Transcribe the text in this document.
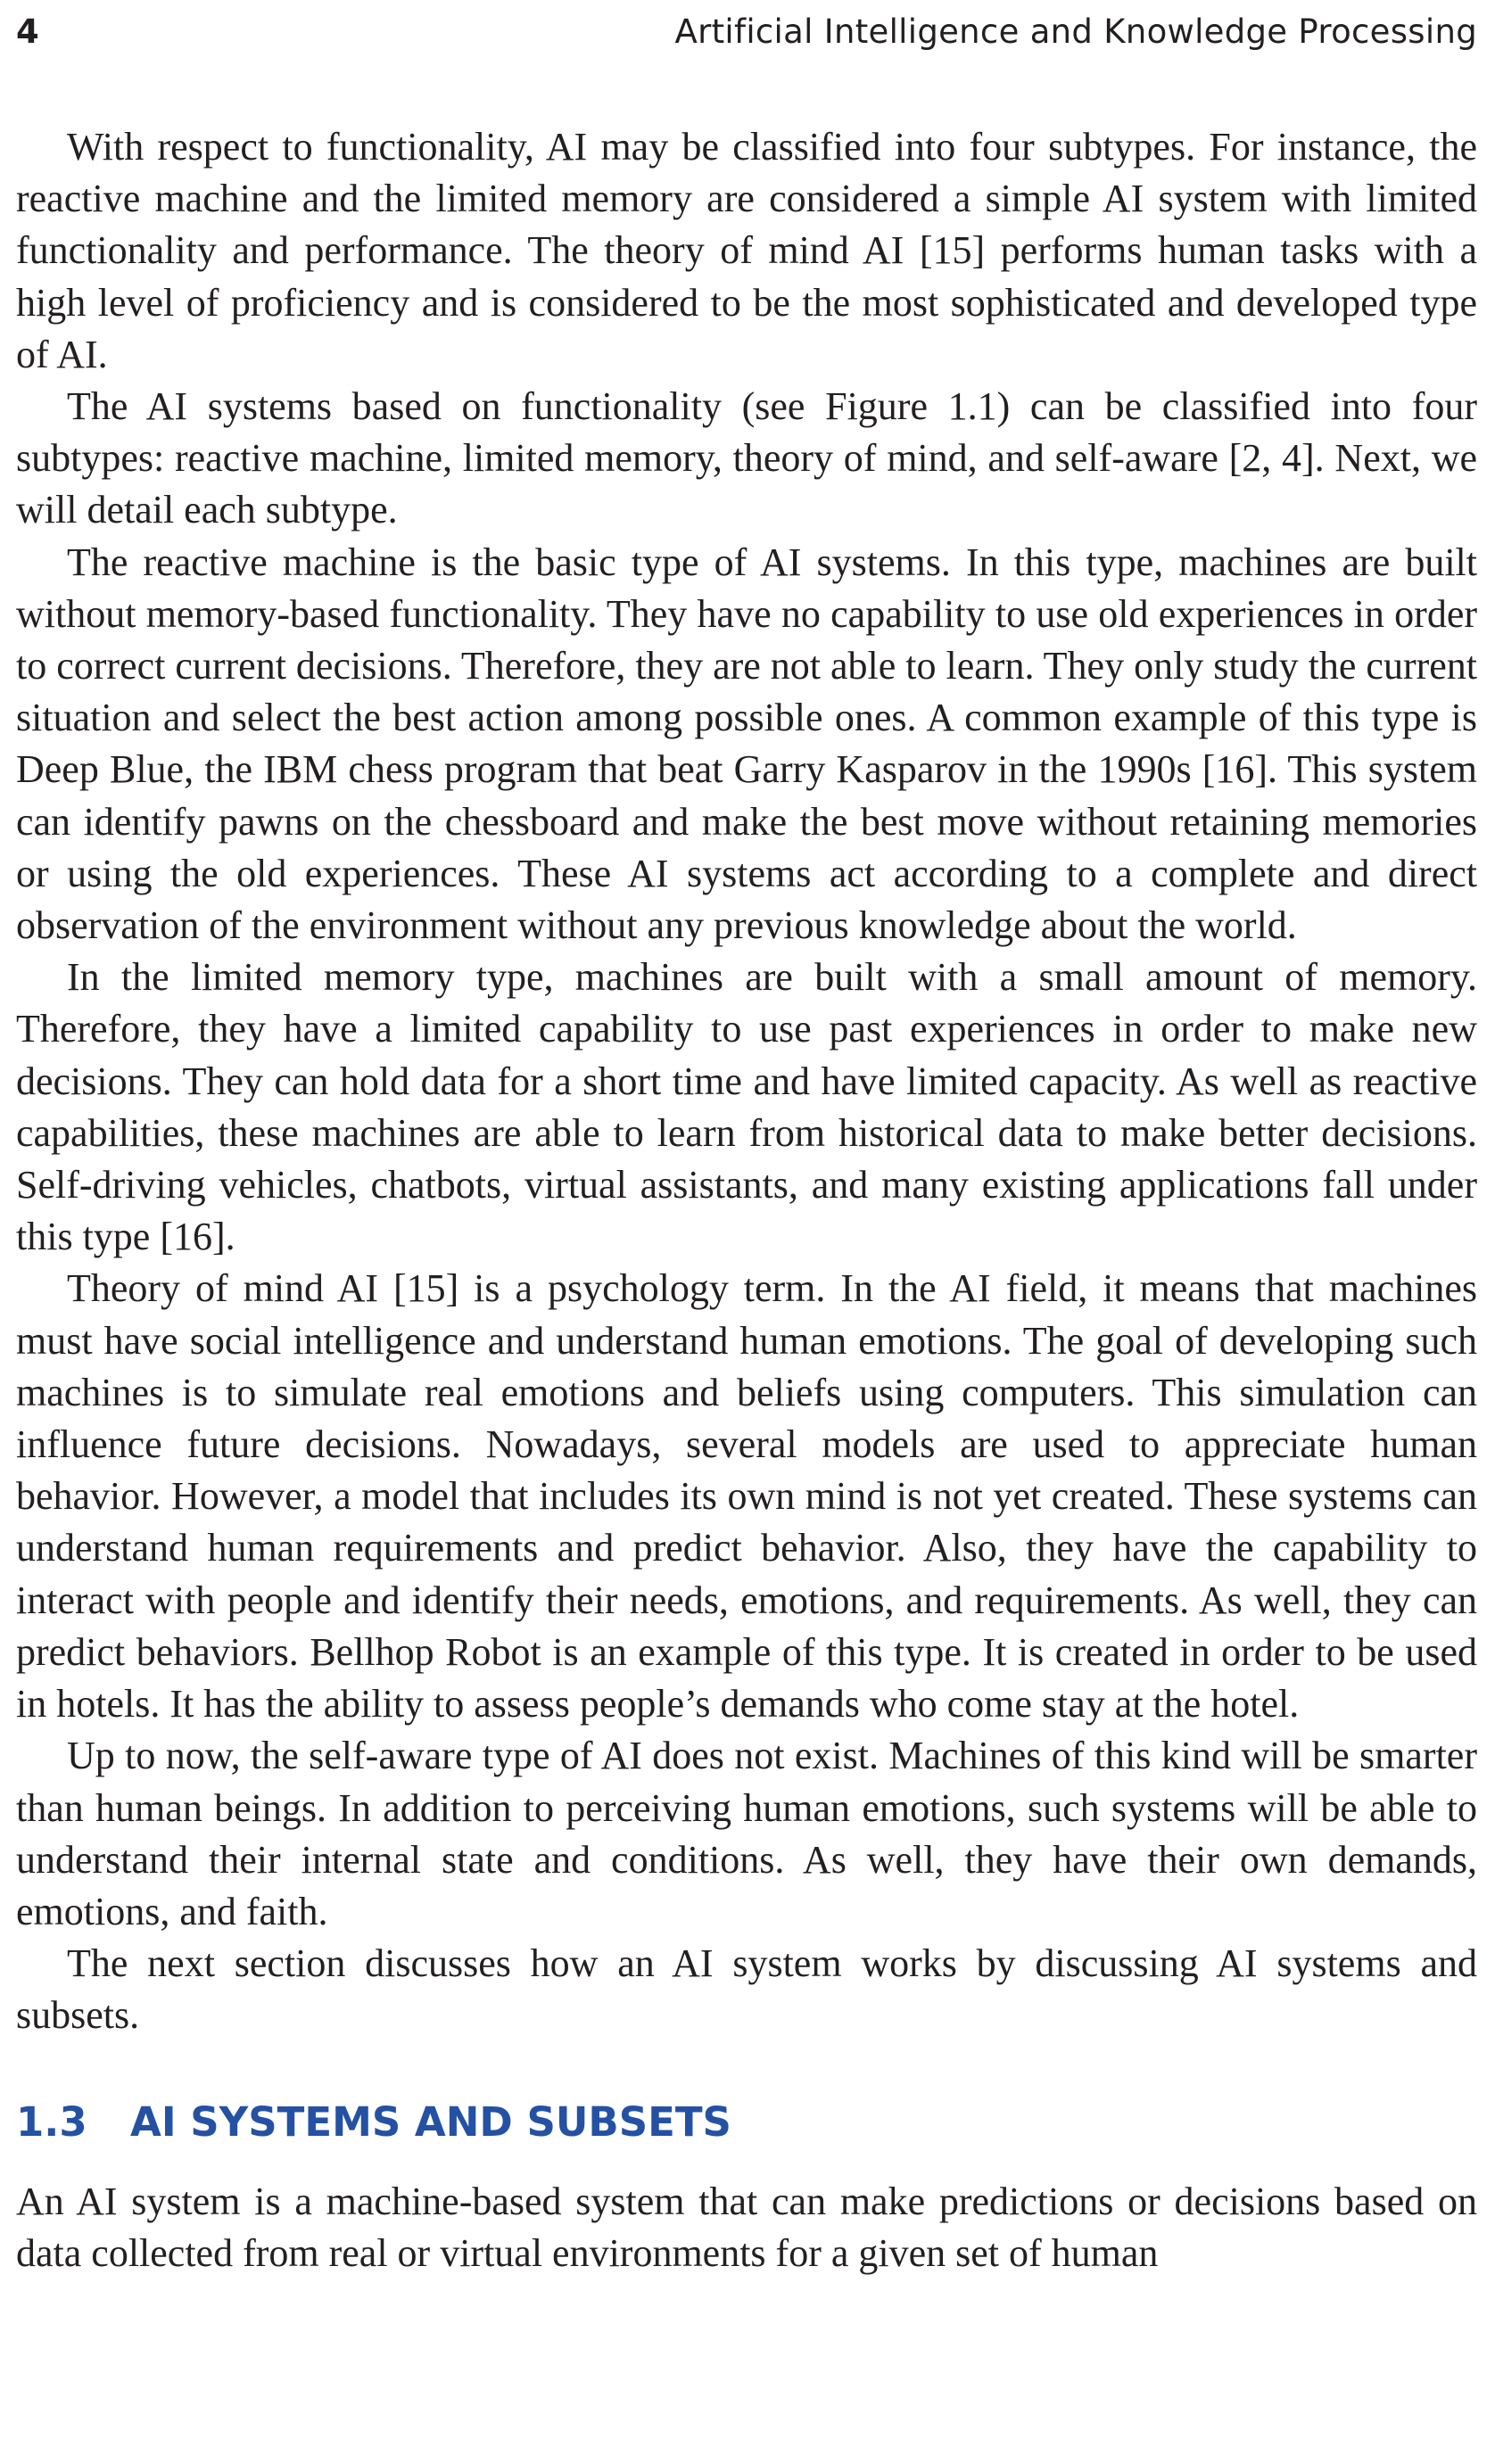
4	Artificial Intelligence and Knowledge Processing

With respect to functionality, AI may be classified into four subtypes. For instance, the reactive machine and the limited memory are considered a simple AI system with limited functionality and performance. The theory of mind AI [15] performs human tasks with a high level of proficiency and is considered to be the most sophisticated and developed type of AI.

The AI systems based on functionality (see Figure 1.1) can be classified into four subtypes: reactive machine, limited memory, theory of mind, and self-aware [2, 4]. Next, we will detail each subtype.

The reactive machine is the basic type of AI systems. In this type, machines are built without memory-based functionality. They have no capability to use old experiences in order to correct current decisions. Therefore, they are not able to learn. They only study the current situation and select the best action among possible ones. A common example of this type is Deep Blue, the IBM chess program that beat Garry Kasparov in the 1990s [16]. This system can identify pawns on the chessboard and make the best move without retaining memories or using the old experiences. These AI systems act according to a complete and direct observation of the environment without any previous knowledge about the world.

In the limited memory type, machines are built with a small amount of memory. Therefore, they have a limited capability to use past experiences in order to make new decisions. They can hold data for a short time and have limited capacity. As well as reactive capabilities, these machines are able to learn from historical data to make better decisions. Self-driving vehicles, chatbots, virtual assistants, and many existing applications fall under this type [16].

Theory of mind AI [15] is a psychology term. In the AI field, it means that machines must have social intelligence and understand human emotions. The goal of developing such machines is to simulate real emotions and beliefs using computers. This simulation can influence future decisions. Nowadays, several models are used to appreciate human behavior. However, a model that includes its own mind is not yet created. These systems can understand human requirements and predict behavior. Also, they have the capability to interact with people and identify their needs, emotions, and requirements. As well, they can predict behaviors. Bellhop Robot is an example of this type. It is created in order to be used in hotels. It has the ability to assess people’s demands who come stay at the hotel.

Up to now, the self-aware type of AI does not exist. Machines of this kind will be smarter than human beings. In addition to perceiving human emotions, such systems will be able to understand their internal state and conditions. As well, they have their own demands, emotions, and faith.

The next section discusses how an AI system works by discussing AI systems and subsets.

1.3 AI SYSTEMS AND SUBSETS

An AI system is a machine-based system that can make predictions or decisions based on data collected from real or virtual environments for a given set of human
